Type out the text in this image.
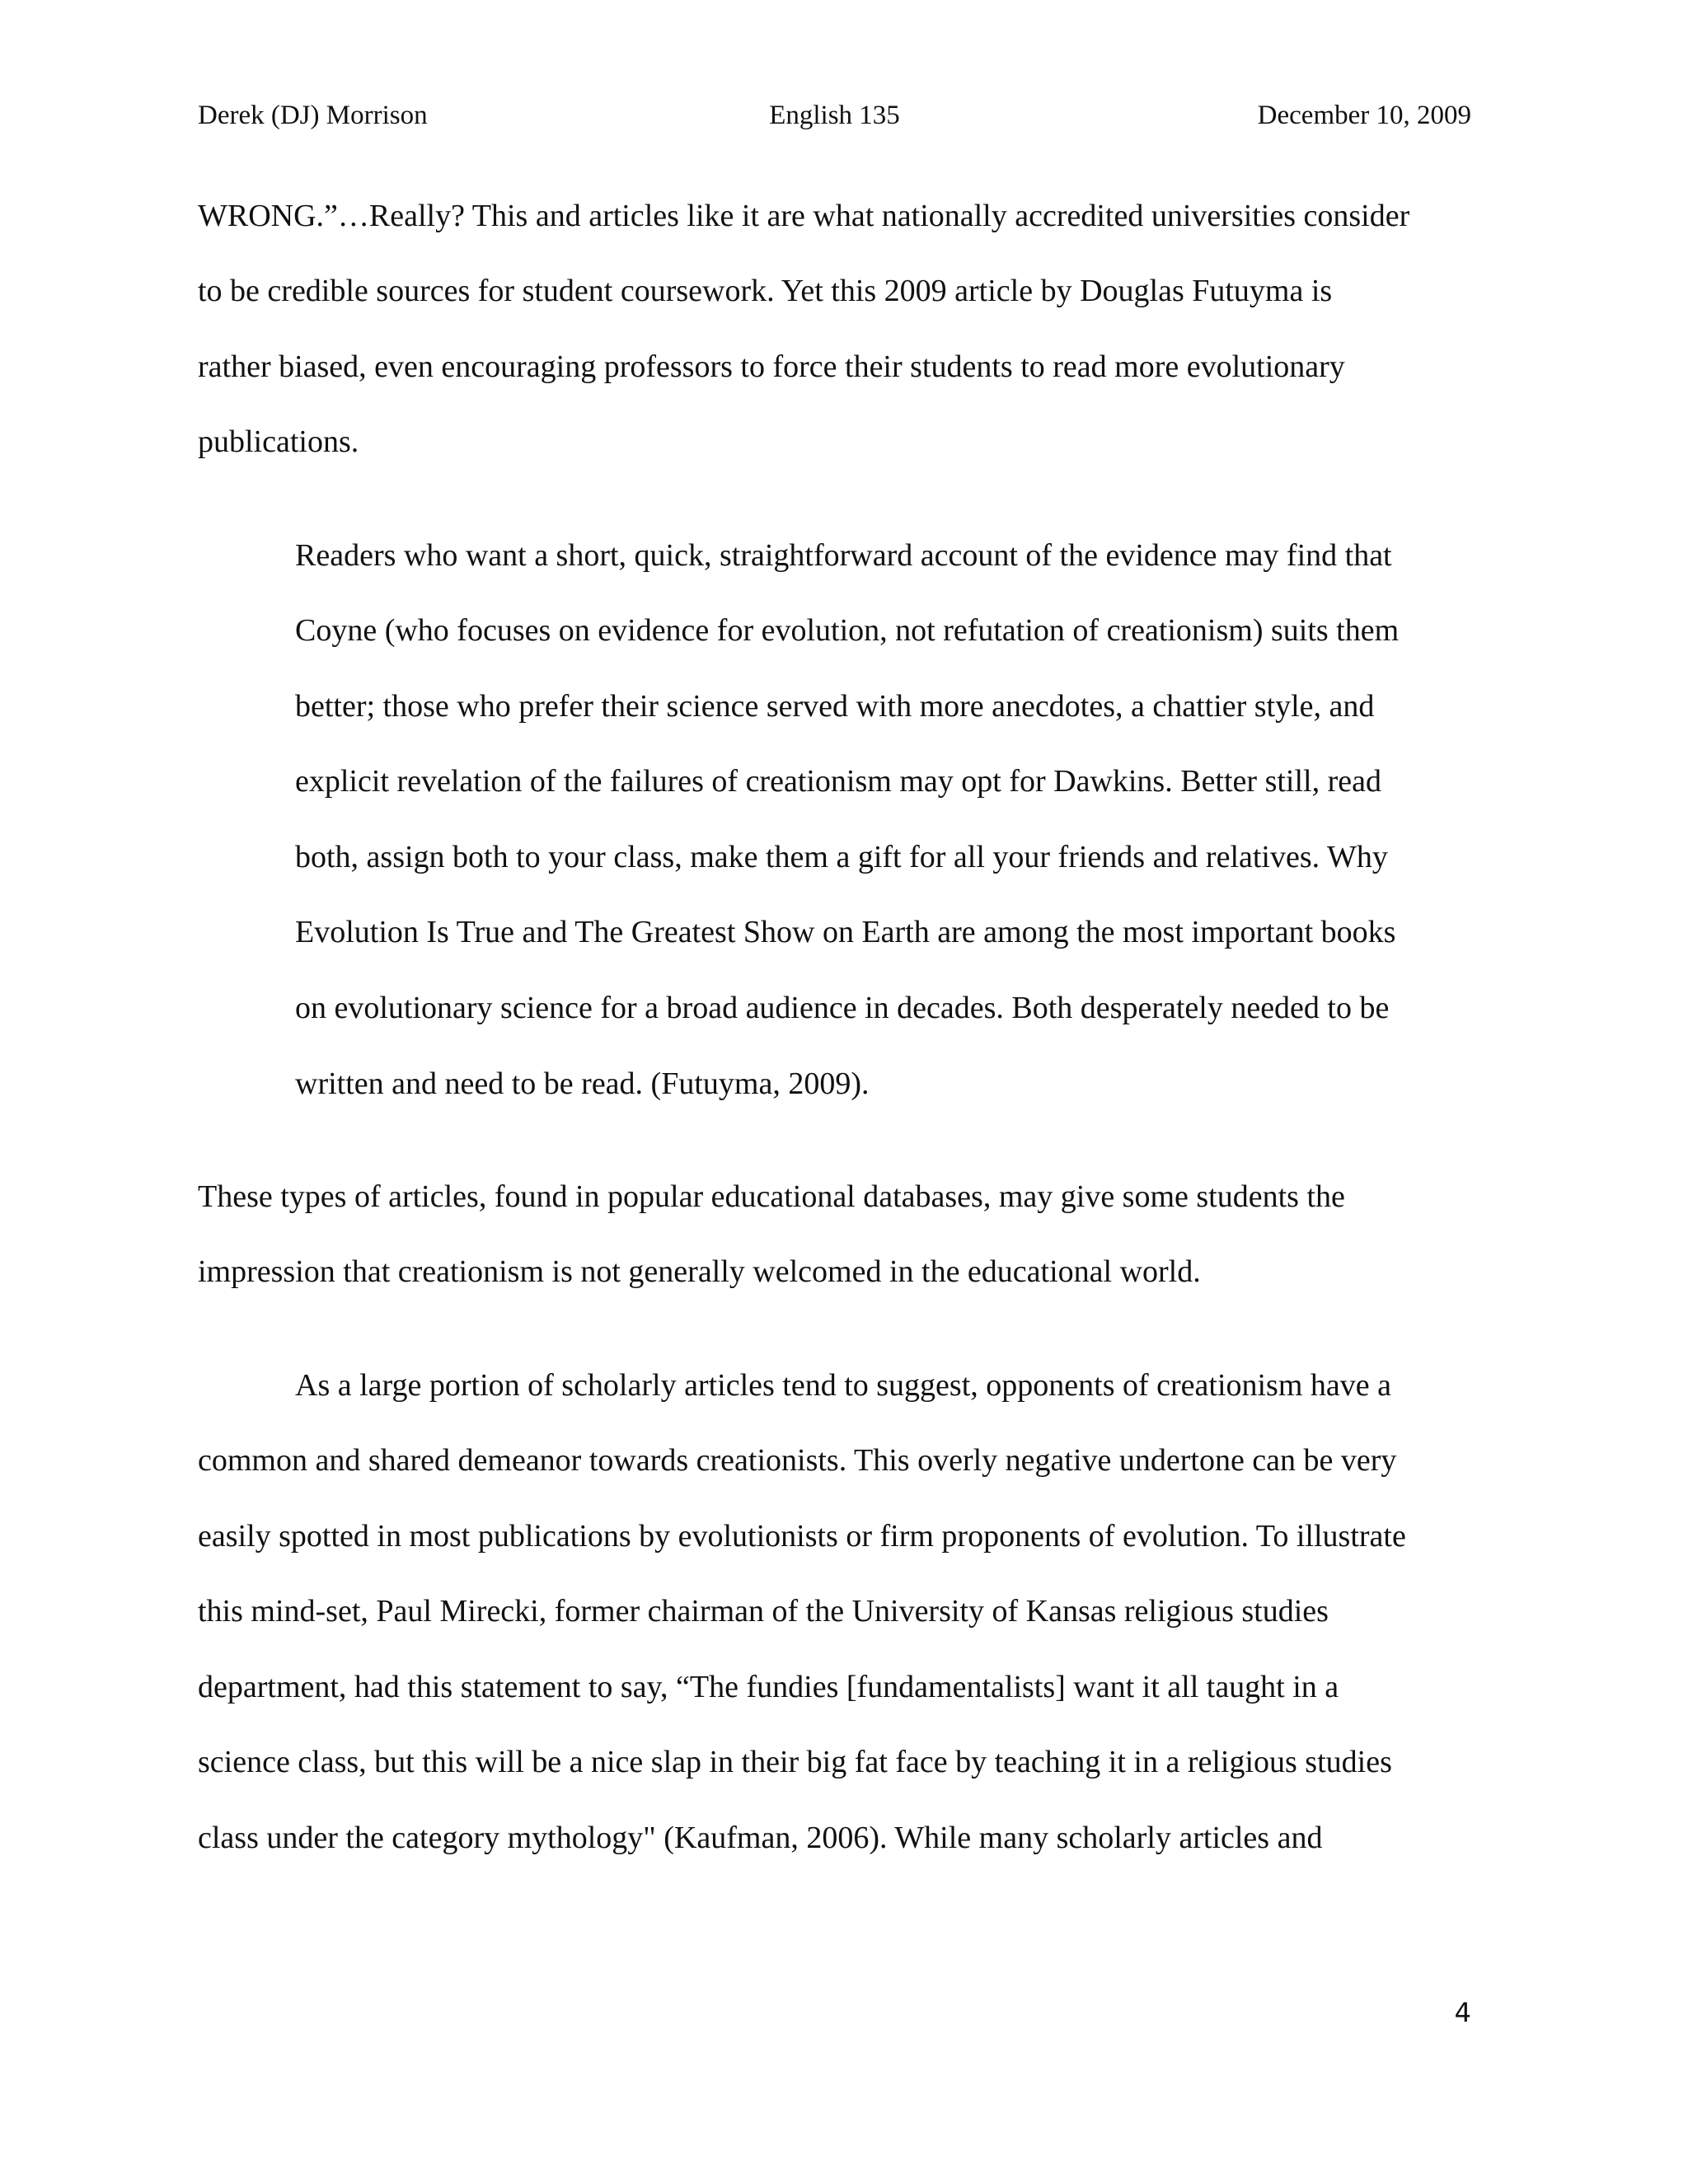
Derek (DJ) Morrison	English 135	December 10, 2009
WRONG.”…Really? This and articles like it are what nationally accredited universities consider
to be credible sources for student coursework. Yet this 2009 article by Douglas Futuyma is
rather biased, even encouraging professors to force their students to read more evolutionary
publications.
Readers who want a short, quick, straightforward account of the evidence may find that
Coyne (who focuses on evidence for evolution, not refutation of creationism) suits them
better; those who prefer their science served with more anecdotes, a chattier style, and
explicit revelation of the failures of creationism may opt for Dawkins. Better still, read
both, assign both to your class, make them a gift for all your friends and relatives. Why
Evolution Is True and The Greatest Show on Earth are among the most important books
on evolutionary science for a broad audience in decades. Both desperately needed to be
written and need to be read. (Futuyma, 2009).
These types of articles, found in popular educational databases, may give some students the
impression that creationism is not generally welcomed in the educational world.
As a large portion of scholarly articles tend to suggest, opponents of creationism have a
common and shared demeanor towards creationists. This overly negative undertone can be very
easily spotted in most publications by evolutionists or firm proponents of evolution. To illustrate
this mind-set, Paul Mirecki, former chairman of the University of Kansas religious studies
department, had this statement to say, “The fundies [fundamentalists] want it all taught in a
science class, but this will be a nice slap in their big fat face by teaching it in a religious studies
class under the category mythology" (Kaufman, 2006). While many scholarly articles and
4
